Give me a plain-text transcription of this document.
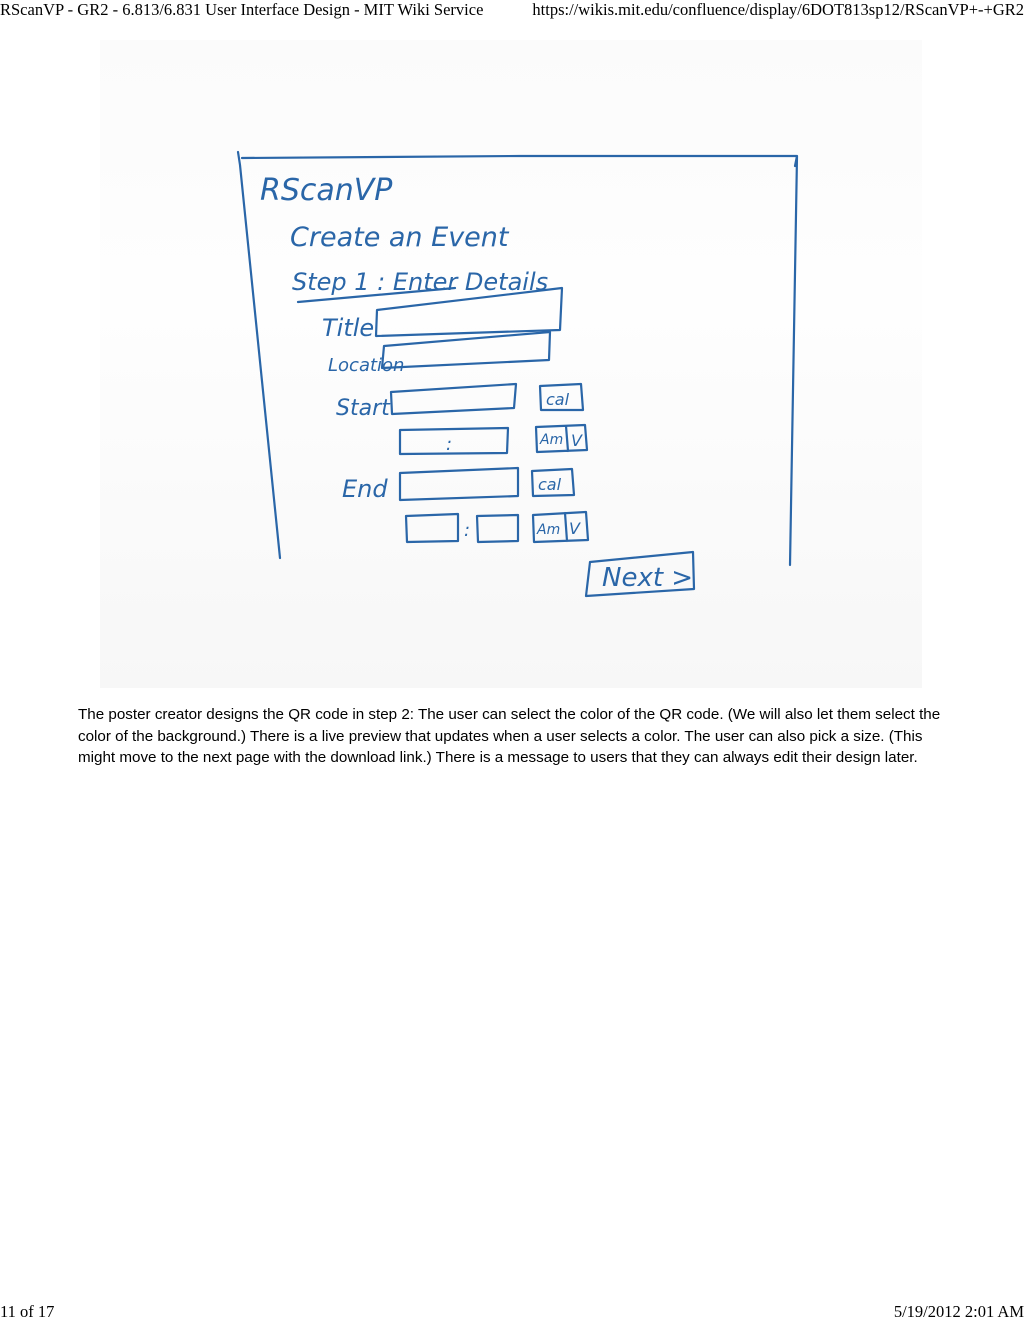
RScanVP - GR2 - 6.813/6.831 User Interface Design - MIT Wiki Service	https://wikis.mit.edu/confluence/display/6DOT813sp12/RScanVP+-+GR2
RScanVP
Create an Event
Step 1 : Enter Details
Title
Location
Start	cal
:	Am V
End	cal
:	Am V
Next >

The poster creator designs the QR code in step 2: The user can select the color of the QR code. (We will also let them select the color of the background.) There is a live preview that updates when a user selects a color. The user can also pick a size. (This might move to the next page with the download link.) There is a message to users that they can always edit their design later.

11 of 17	5/19/2012 2:01 AM
